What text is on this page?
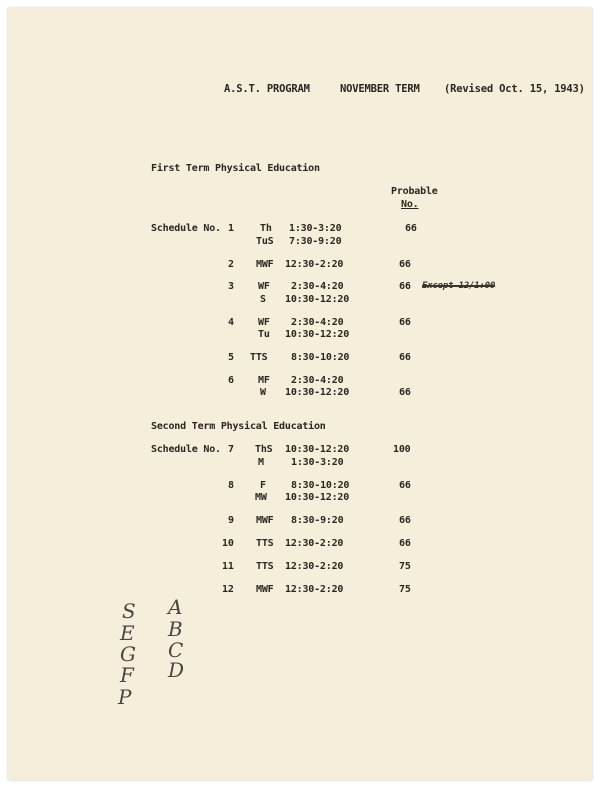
A.S.T. PROGRAM	NOVEMBER TERM (Revised Oct. 15, 1943)
First Term Physical Education
Probable
No.
Schedule No. 1	Th 1:30-3:20	66
TuS 7:30-9:20
2 MWF 12:30-2:20	66
3 WF 2:30-4:20	66 Except 12/1:00
S 10:30-12:20
4 WF 2:30-4:20	66
Tu 10:30-12:20
5 TTS 8:30-10:20	66
6 MF 2:30-4:20
W 10:30-12:20	66
Second Term Physical Education
Schedule No. 7 ThS 10:30-12:20	100
M	1:30-3:20
8	F	8:30-10:20	66
MW 10:30-12:20
9 MWF 8:30-9:20	66
10 TTS 12:30-2:20	66
11 TTS 12:30-2:20	75
12 MWF 12:30-2:20	75
S
E
G
F
P
A
B
C
D
